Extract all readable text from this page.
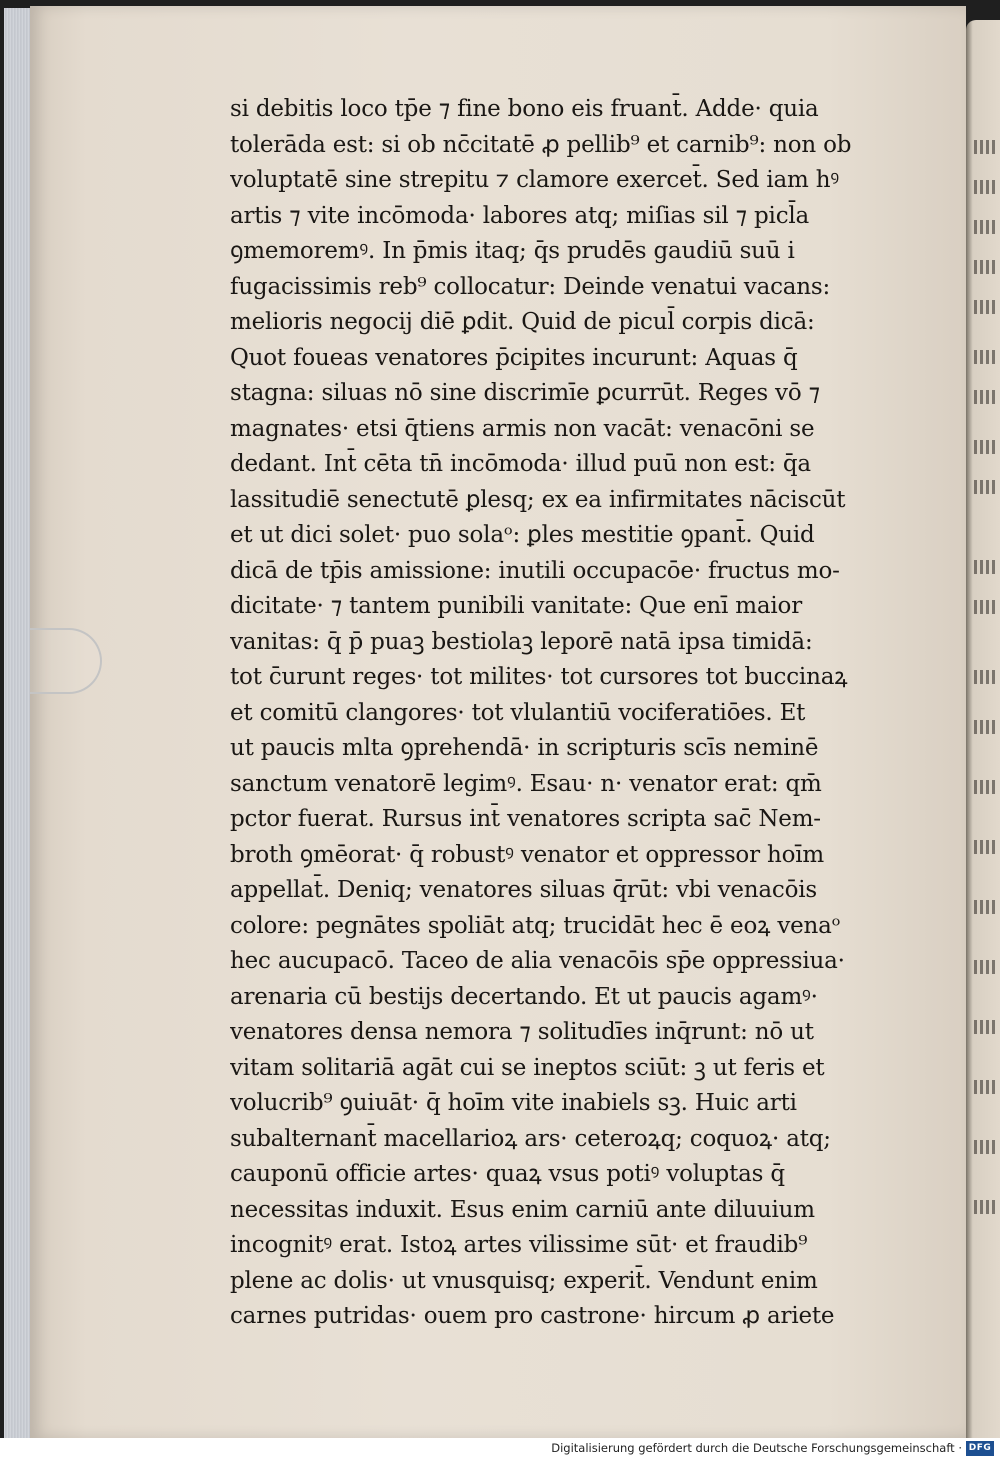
si debitis loco tp̄e ⁊ fine bono eis fruant̄. Adde· quia
tolerāda est: si ob nc̄citatē ꝓ pellib⁹ et carnib⁹: non ob
voluptatē sine strepitu ⁊ clamore exercet̄. Sed iam hꝰ
artis ⁊ vite incōmoda· labores atq; miſias sil ⁊ picl̄a
ꝯmemoremꝰ. In p̄mis itaq; q̄s prudēs gaudiū suū i
fugacissimis reb⁹ collocatur: Deinde venatui vacans:
melioris negocij diē ꝑdit. Quid de picul̄ corpis dicā:
Quot foueas venatores p̄cipites incurunt: Aquas q̄
stagna: siluas nō sine discrimīe ꝑcurrūt. Reges vō ⁊
magnates· etsi q̄tiens armis non vacāt: venacōni se
dedant. Int̄ cēta tn̄ incōmoda· illud puū non est: q̄a
lassitudiē senectutē ꝑlesq; ex ea infirmitates nāciscūt
et ut dici solet· puo solaᵒ: ꝑles mestitie ꝯpant̄. Quid
dicā de tp̄is amissione: inutili occupacōe· fructus mo-
dicitate· ⁊ tantem punibili vanitate: Que enī maior
vanitas: q̄ p̄ puaꝫ bestiolaꝫ leporē natā ipsa timidā:
tot c̄urunt reges· tot milites· tot cursores tot buccinaꝝ
et comitū clangores· tot vlulantiū vociferatiōes. Et
ut paucis mlta ꝯprehendā· in scripturis scīs neminē
sanctum venatorē legimꝰ. Esau· n· venator erat: qm̄
pctor fuerat. Rursus int̄ venatores scripta sac̄ Nem-
broth ꝯmēorat· q̄ robustꝰ venator et oppressor hoīm
appellat̄. Deniq; venatores siluas q̄rūt: vbi venacōis
colore: pegnātes spoliāt atq; trucidāt hec ē eoꝝ venaᵒ
hec aucupacō. Taceo de alia venacōis sp̄e oppressiua·
arenaria cū bestijs decertando. Et ut paucis agamꝰ·
venatores densa nemora ⁊ solitudīes inq̄runt: nō ut
vitam solitariā agāt cui se ineptos sciūt: ꝫ ut feris et
volucrib⁹ ꝯuiuāt· q̄ hoīm vite inabiels sꝫ. Huic arti
subalternant̄ macellarioꝝ ars· ceteroꝝq; coquoꝝ· atq;
cauponū officie artes· quaꝝ vsus potiꝰ voluptas q̄
necessitas induxit. Esus enim carniū ante diluuium
incognitꝰ erat. Istoꝝ artes vilissime sūt· et fraudib⁹
plene ac dolis· ut vnusquisq; experit̄. Vendunt enim
carnes putridas· ouem pro castrone· hircum ꝓ ariete
Digitalisierung gefördert durch die Deutsche Forschungsgemeinschaft · DFG
